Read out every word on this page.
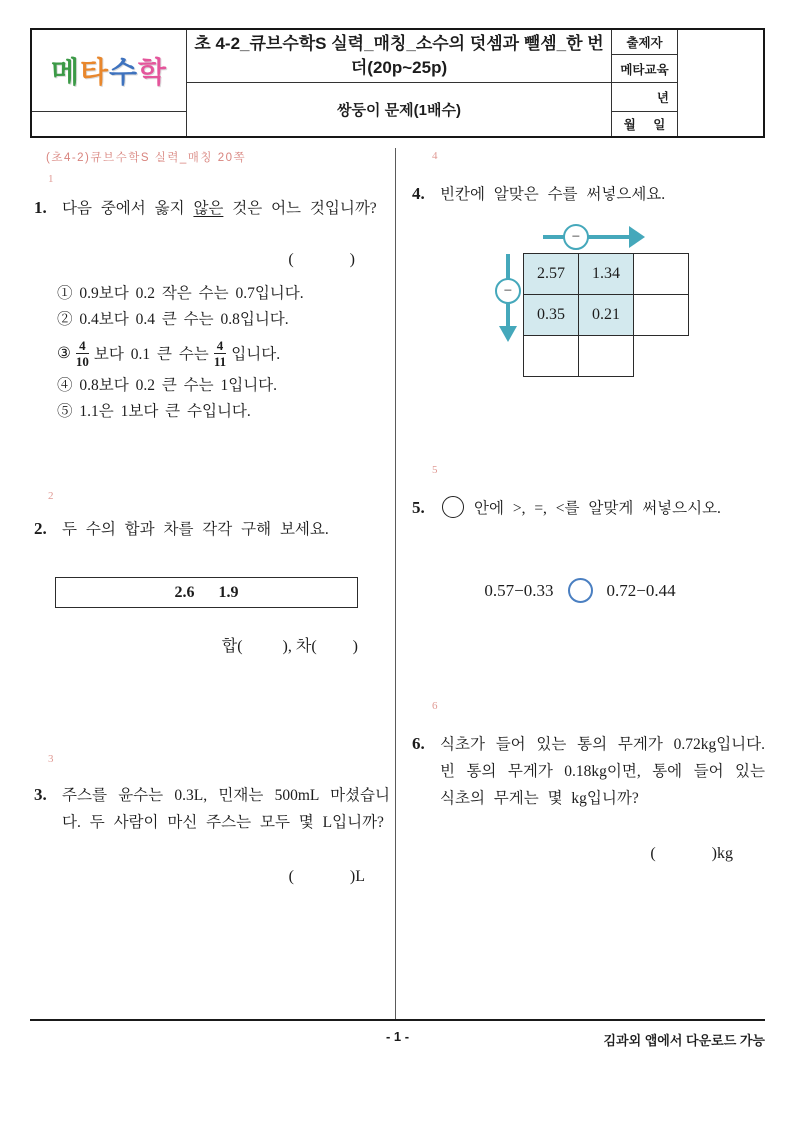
메타수학
초 4-2_큐브수학S 실력_매칭_소수의 덧셈과 뺄셈_한 번 더(20p~25p)
쌍둥이 문제(1배수)
출제자
메타교육
년
월 일
- 1 -	김과외 앱에서 다운로드 가능
(초4-2)큐브수학S 실력_매칭 20쪽
1
1. 다음 중에서 옳지 않은 것은 어느 것입니까?
(              )
① 0.9보다 0.2 작은 수는 0.7입니다.
② 0.4보다 0.4 큰 수는 0.8입니다.
③ $\frac{4}{10}$ 보다 0.1 큰 수는 $\frac{4}{11}$ 입니다.
④ 0.8보다 0.2 큰 수는 1입니다.
⑤ 1.1은 1보다 큰 수입니다.
2
2. 두 수의 합과 차를 각각 구해 보세요.
2.6 1.9
합(          ), 차(         )
3
3. 주스를 윤수는 0.3L, 민재는 500mL 마셨습니다. 두 사람이 마신 주스는 모두 몇 L입니까?
(              )L
4
4. 빈칸에 알맞은 수를 써넣으세요.
−
−
2.57	1.34	
0.35	0.21	

5
5.	안에 >, =, <를 알맞게 써넣으시오.
0.57−0.33	0.72−0.44
6
6. 식초가 들어 있는 통의 무게가 0.72kg입니다. 빈 통의 무게가 0.18kg이면, 통에 들어 있는 식초의 무게는 몇 kg입니까?
(              )kg
